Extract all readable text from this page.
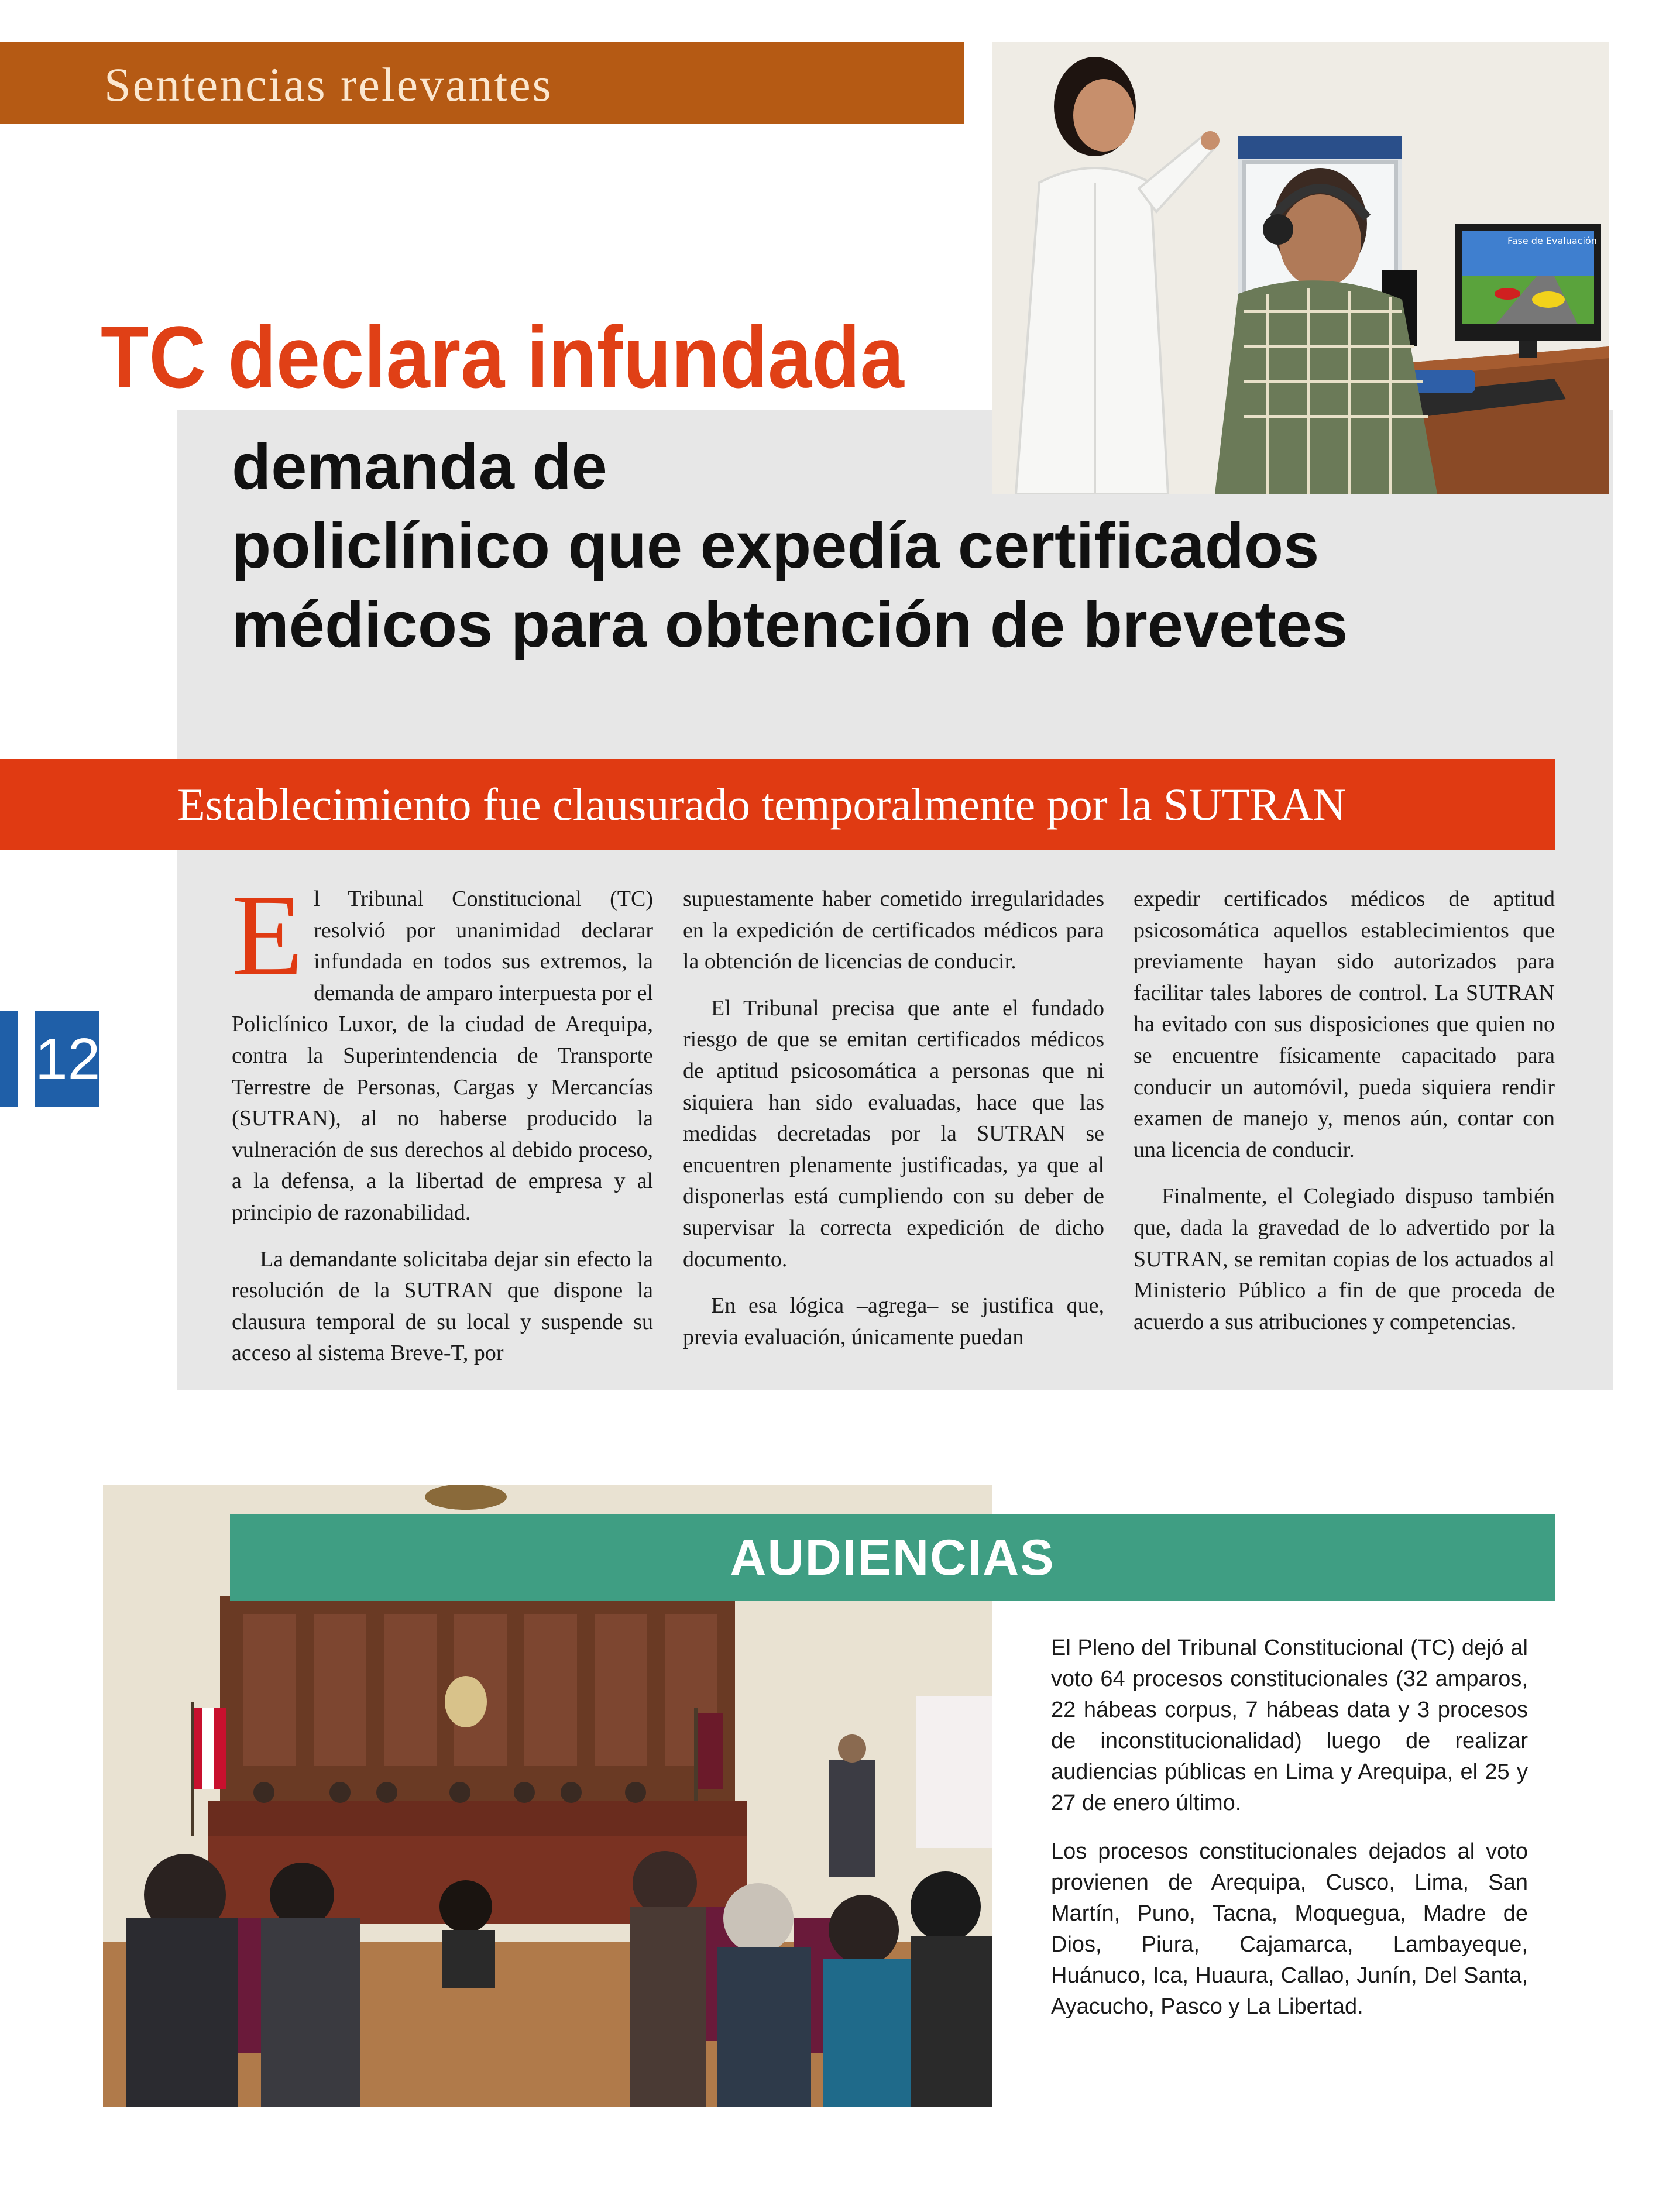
Sentencias relevantes
Fase de Evaluación
TC declara infundada
demanda de
policlínico que expedía certificados
médicos para obtención de brevetes
Establecimiento fue clausurado temporalmente por la SUTRAN

El Tribunal Constitucional (TC) resolvió por unanimidad declarar infundada en todos sus extremos, la demanda de amparo interpuesta por el Policlínico Luxor, de la ciudad de Arequipa, contra la Superintendencia de Transporte Terrestre de Personas, Cargas y Mercancías (SUTRAN), al no haberse producido la vulneración de sus derechos al debido proceso, a la defensa, a la libertad de empresa y al principio de razonabilidad.

La demandante solicitaba dejar sin efecto la resolución de la SUTRAN que dispone la clausura temporal de su local y suspende su acceso al sistema Breve-T, por

supuestamente haber cometido irregularidades en la expedición de certificados médicos para la obtención de licencias de conducir.

El Tribunal precisa que ante el fundado riesgo de que se emitan certificados médicos de aptitud psicosomática a personas que ni siquiera han sido evaluadas, hace que las medidas decretadas por la SUTRAN se encuentren plenamente justificadas, ya que al disponerlas está cumpliendo con su deber de supervisar la correcta expedición de dicho documento.

En esa lógica –agrega– se justifica que, previa evaluación, únicamente puedan

expedir certificados médicos de aptitud psicosomática aquellos establecimientos que previamente hayan sido autorizados para facilitar tales labores de control. La SUTRAN ha evitado con sus disposiciones que quien no se encuentre físicamente capacitado para conducir un automóvil, pueda siquiera rendir examen de manejo y, menos aún, contar con una licencia de conducir.

Finalmente, el Colegiado dispuso también que, dada la gravedad de lo advertido por la SUTRAN, se remitan copias de los actuados al Ministerio Público a fin de que proceda de acuerdo a sus atribuciones y competencias.

12
AUDIENCIAS

El Pleno del Tribunal Constitucional (TC) dejó al voto 64 procesos constitucionales (32 amparos, 22 hábeas corpus, 7 hábeas data y 3 procesos de inconstitucionalidad) luego de realizar audiencias públicas en Lima y Arequipa, el 25 y 27 de enero último.

Los procesos constitucionales dejados al voto provienen de Arequipa, Cusco, Lima, San Martín, Puno, Tacna, Moquegua, Madre de Dios, Piura, Cajamarca, Lambayeque, Huánuco, Ica, Huaura, Callao, Junín, Del Santa, Ayacucho, Pasco y La Libertad.
